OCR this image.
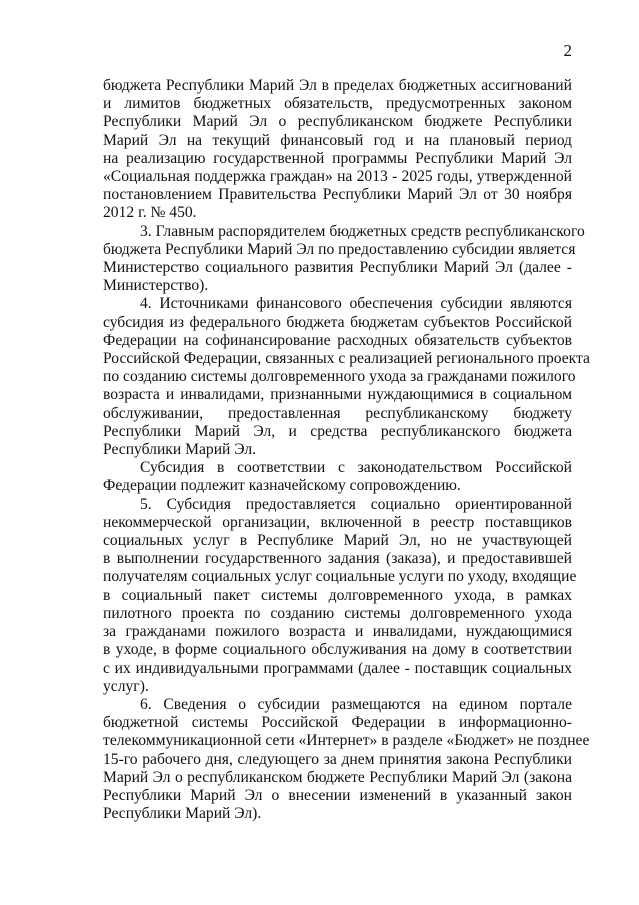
2
бюджета Республики Марий Эл в пределах бюджетных ассигнований
и лимитов бюджетных обязательств, предусмотренных законом
Республики Марий Эл о республиканском бюджете Республики
Марий Эл на текущий финансовый год и на плановый период
на реализацию государственной программы Республики Марий Эл
«Социальная поддержка граждан» на 2013 - 2025 годы, утвержденной
постановлением Правительства Республики Марий Эл от 30 ноября
2012 г. № 450.
3. Главным распорядителем бюджетных средств республиканского
бюджета Республики Марий Эл по предоставлению субсидии является
Министерство социального развития Республики Марий Эл (далее -
Министерство).
4. Источниками финансового обеспечения субсидии являются
субсидия из федерального бюджета бюджетам субъектов Российской
Федерации на софинансирование расходных обязательств субъектов
Российской Федерации, связанных с реализацией регионального проекта
по созданию системы долговременного ухода за гражданами пожилого
возраста и инвалидами, признанными нуждающимися в социальном
обслуживании, предоставленная республиканскому бюджету
Республики Марий Эл, и средства республиканского бюджета
Республики Марий Эл.
Субсидия в соответствии с законодательством Российской
Федерации подлежит казначейскому сопровождению.
5. Субсидия предоставляется социально ориентированной
некоммерческой организации, включенной в реестр поставщиков
социальных услуг в Республике Марий Эл, но не участвующей
в выполнении государственного задания (заказа), и предоставившей
получателям социальных услуг социальные услуги по уходу, входящие
в социальный пакет системы долговременного ухода, в рамках
пилотного проекта по созданию системы долговременного ухода
за гражданами пожилого возраста и инвалидами, нуждающимися
в уходе, в форме социального обслуживания на дому в соответствии
с их индивидуальными программами (далее - поставщик социальных
услуг).
6. Сведения о субсидии размещаются на едином портале
бюджетной системы Российской Федерации в информационно-
телекоммуникационной сети «Интернет» в разделе «Бюджет» не позднее
15-го рабочего дня, следующего за днем принятия закона Республики
Марий Эл о республиканском бюджете Республики Марий Эл (закона
Республики Марий Эл о внесении изменений в указанный закон
Республики Марий Эл).
